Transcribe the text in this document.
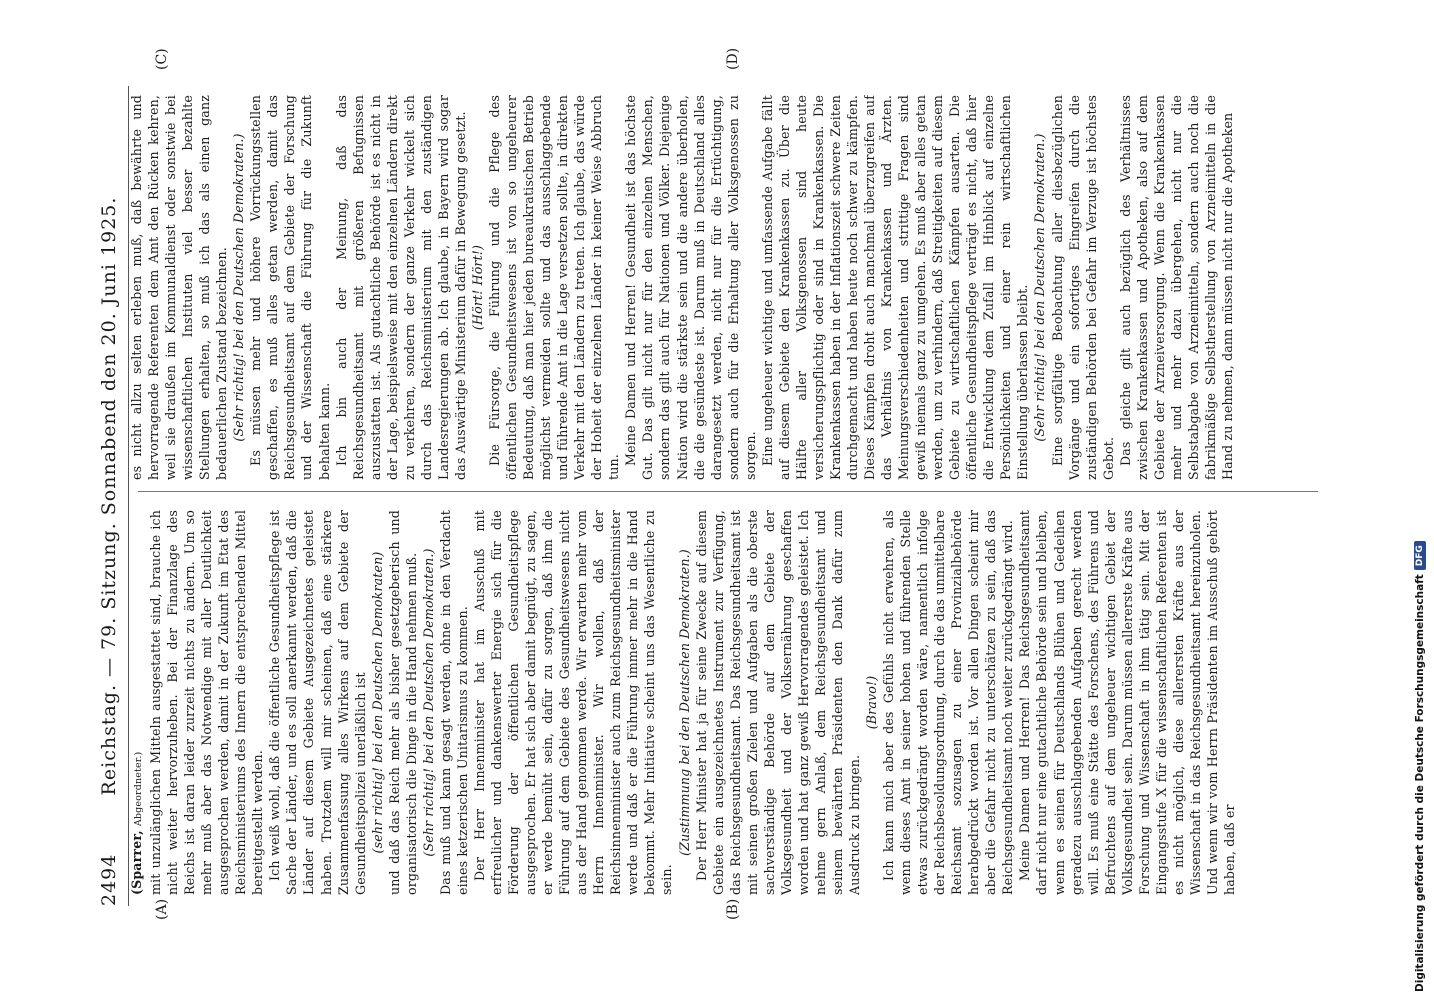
2494
Reichstag. — 79. Sitzung. Sonnabend den 20. Juni 1925.
(A)	(B)
(C)	(D)

(Sparrer, Abgeordneter.) mit unzulänglichen Mitteln ausgestattet sind, brauche ich nicht weiter hervorzuheben. Bei der Finanzlage des Reichs ist daran leider zurzeit nichts zu ändern. Um so mehr muß aber das Notwendige mit aller Deutlichkeit ausgesprochen werden, damit in der Zukunft im Etat des Reichsministeriums des Innern die entsprechenden Mittel bereitgestellt werden. Ich weiß wohl, daß die öffentliche Gesundheitspflege ist Sache der Länder, und es soll anerkannt werden, daß die Länder auf diesem Gebiete Ausgezeichnetes geleistet haben. Trotzdem will mir scheinen, daß eine stärkere Zusammenfassung alles Wirkens auf dem Gebiete der Gesundheitspolizei unerläßlich ist (sehr richtig! bei den Deutschen Demokraten) und daß das Reich mehr als bisher gesetzgeberisch und organisatorisch die Dinge in die Hand nehmen muß. (Sehr richtig! bei den Deutschen Demokraten.) Das muß und kann gesagt werden, ohne in den Verdacht eines ketzerischen Unitarismus zu kommen. Der Herr Innenminister hat im Ausschuß mit erfreulicher und dankenswerter Energie sich für die Förderung der öffentlichen Gesundheitspflege ausgesprochen. Er hat sich aber damit begnügt, zu sagen, er werde bemüht sein, dafür zu sorgen, daß ihm die Führung auf dem Gebiete des Gesundheitswesens nicht aus der Hand genommen werde. Wir erwarten mehr vom Herrn Innenminister. Wir wollen, daß der Reichsinnenminister auch zum Reichsgesundheitsminister werde und daß er die Führung immer mehr in die Hand bekommt. Mehr Initiative scheint uns das Wesentliche zu sein.

(Zustimmung bei den Deutschen Demokraten.) Der Herr Minister hat ja für seine Zwecke auf diesem Gebiete ein ausgezeichnetes Instrument zur Verfügung, das Reichsgesundheitsamt. Das Reichsgesundheitsamt ist mit seinen großen Zielen und Aufgaben als die oberste sachverständige Behörde auf dem Gebiete der Volksgesundheit und der Volksernährung geschaffen worden und hat ganz gewiß Hervorragendes geleistet. Ich nehme gern Anlaß, dem Reichsgesundheitsamt und seinem bewährten Präsidenten den Dank dafür zum Ausdruck zu bringen.

(Bravo!) Ich kann mich aber des Gefühls nicht erwehren, als wenn dieses Amt in seiner hohen und führenden Stelle etwas zurückgedrängt worden wäre, namentlich infolge der Reichsbesoldungsordnung, durch die das unmittelbare Reichsamt sozusagen zu einer Provinzialbehörde herabgedrückt worden ist. Vor allen Dingen scheint mir aber die Gefahr nicht zu unterschätzen zu sein, daß das Reichsgesundheitsamt noch weiter zurückgedrängt wird. Meine Damen und Herren! Das Reichsgesundheitsamt darf nicht nur eine gutachtliche Behörde sein und bleiben, wenn es seinen für Deutschlands Blühen und Gedeihen geradezu ausschlaggebenden Aufgaben gerecht werden will. Es muß eine Stätte des Forschens, des Führens und Befruchtens auf dem ungeheuer wichtigen Gebiet der Volksgesundheit sein. Darum müssen allererste Kräfte aus Forschung und Wissenschaft in ihm tätig sein. Mit der Eingangsstufe X für die wissenschaftlichen Referenten ist es nicht möglich, diese allerersten Kräfte aus der Wissenschaft in das Reichsgesundheitsamt hereinzuholen. Und wenn wir vom Herrn Präsidenten im Ausschuß gehört haben, daß er

es nicht allzu selten erleben muß, daß bewährte und hervorragende Referenten dem Amt den Rücken kehren, weil sie draußen im Kommunaldienst oder sonstwie bei wissenschaftlichen Instituten viel besser bezahlte Stellungen erhalten, so muß ich das als einen ganz bedauerlichen Zustand bezeichnen. (Sehr richtig! bei den Deutschen Demokraten.) Es müssen mehr und höhere Vorrückungsstellen geschaffen, es muß alles getan werden, damit das Reichsgesundheitsamt auf dem Gebiete der Forschung und der Wissenschaft die Führung für die Zukunft behalten kann. Ich bin auch der Meinung, daß das Reichsgesundheitsamt mit größeren Befugnissen auszustatten ist. Als gutachtliche Behörde ist es nicht in der Lage, beispielsweise mit den einzelnen Ländern direkt zu verkehren, sondern der ganze Verkehr wickelt sich durch das Reichsministerium mit den zuständigen Landesregierungen ab. Ich glaube, in Bayern wird sogar das Auswärtige Ministerium dafür in Bewegung gesetzt. (Hört! Hört!) Die Fürsorge, die Führung und die Pflege des öffentlichen Gesundheitswesens ist von so ungeheurer Bedeutung, daß man hier jeden bureaukratischen Betrieb möglichst vermeiden sollte und das ausschlaggebende und führende Amt in die Lage versetzen sollte, in direkten Verkehr mit den Ländern zu treten. Ich glaube, das würde der Hoheit der einzelnen Länder in keiner Weise Abbruch tun.

Meine Damen und Herren! Gesundheit ist das höchste Gut. Das gilt nicht nur für den einzelnen Menschen, sondern das gilt auch für Nationen und Völker. Diejenige Nation wird die stärkste sein und die andere überholen, die die gesündeste ist. Darum muß in Deutschland alles darangesetzt werden, nicht nur für die Ertüchtigung, sondern auch für die Erhaltung aller Volksgenossen zu sorgen. Eine ungeheuer wichtige und umfassende Aufgabe fällt auf diesem Gebiete den Krankenkassen zu. Über die Hälfte aller Volksgenossen sind heute versicherungspflichtig oder sind in Krankenkassen. Die Krankenkassen haben in der Inflationszeit schwere Zeiten durchgemacht und haben heute noch schwer zu kämpfen. Dieses Kämpfen droht auch manchmal überzugreifen auf das Verhältnis von Krankenkassen und Ärzten. Meinungsverschiedenheiten und strittige Fragen sind gewiß niemals ganz zu umgehen. Es muß aber alles getan werden, um zu verhindern, daß Streitigkeiten auf diesem Gebiete zu wirtschaftlichen Kämpfen ausarten. Die öffentliche Gesundheitspflege verträgt es nicht, daß hier die Entwicklung dem Zufall im Hinblick auf einzelne Persönlichkeiten und einer rein wirtschaftlichen Einstellung überlassen bleibt. (Sehr richtig! bei den Deutschen Demokraten.) Eine sorgfältige Beobachtung aller diesbezüglichen Vorgänge und ein sofortiges Eingreifen durch die zuständigen Behörden bei Gefahr im Verzuge ist höchstes Gebot. Das gleiche gilt auch bezüglich des Verhältnisses zwischen Krankenkassen und Apotheken, also auf dem Gebiete der Arzneiversorgung. Wenn die Krankenkassen mehr und mehr dazu übergehen, nicht nur die Selbstabgabe von Arzneimitteln, sondern auch noch die fabrikmäßige Selbstherstellung von Arzneimitteln in die Hand zu nehmen, dann müssen nicht nur die Apotheken

Digitalisierung gefördert durch die Deutsche Forschungsgemeinschaft
DFG
